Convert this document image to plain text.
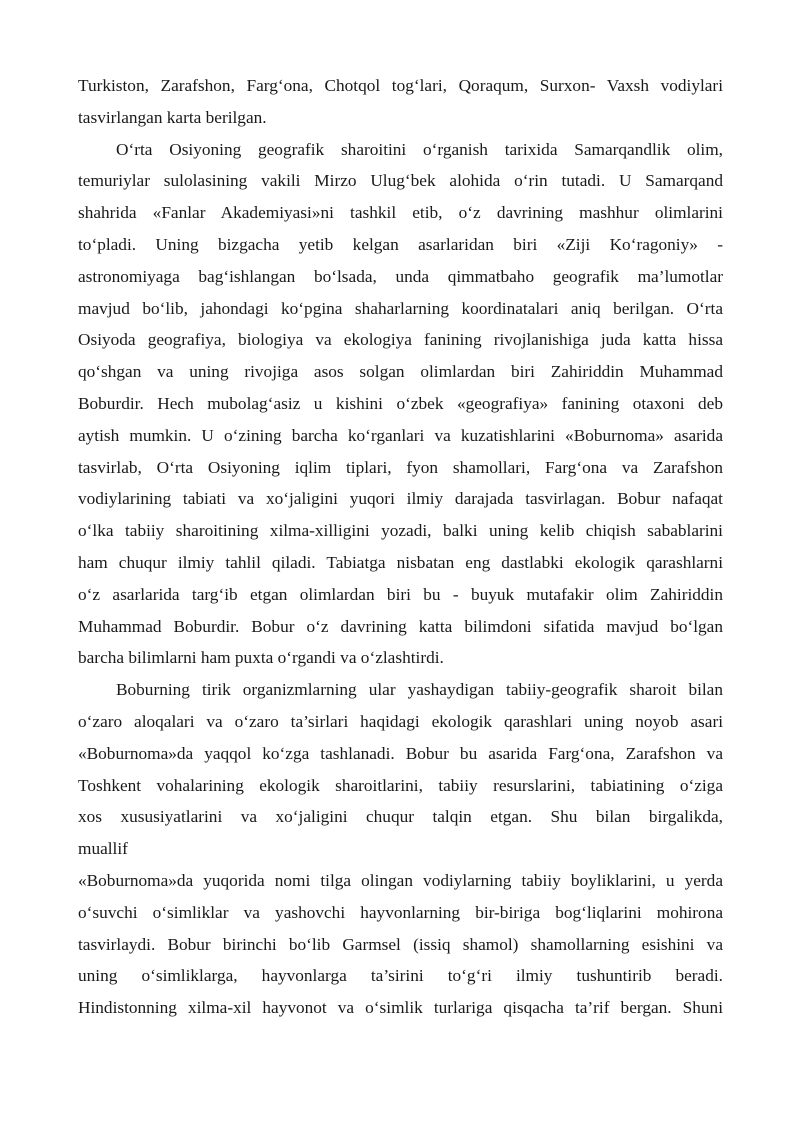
Turkiston, Zarafshon, Farg‘ona, Chotqol tog‘lari, Qoraqum, Surxon- Vaxsh vodiylari
tasvirlangan karta berilgan.
O‘rta Osiyoning geografik sharoitini o‘rganish tarixida Samarqandlik olim,
temuriylar sulolasining vakili Mirzo Ulug‘bek alohida o‘rin tutadi. U Samarqand
shahrida «Fanlar Akademiyasi»ni tashkil etib, o‘z davrining mashhur olimlarini
to‘pladi. Uning bizgacha yetib kelgan asarlaridan biri «Ziji Ko‘ragoniy» -
astronomiyaga bag‘ishlangan bo‘lsada, unda qimmatbaho geografik ma’lumotlar
mavjud bo‘lib, jahondagi ko‘pgina shaharlarning koordinatalari aniq berilgan. O‘rta
Osiyoda geografiya, biologiya va ekologiya fanining rivojlanishiga juda katta hissa
qo‘shgan va uning rivojiga asos solgan olimlardan biri Zahiriddin Muhammad
Boburdir. Hech mubolag‘asiz u kishini o‘zbek «geografiya» fanining otaxoni deb
aytish mumkin. U o‘zining barcha ko‘rganlari va kuzatishlarini «Boburnoma» asarida
tasvirlab, O‘rta Osiyoning iqlim tiplari, fyon shamollari, Farg‘ona va Zarafshon
vodiylarining tabiati va xo‘jaligini yuqori ilmiy darajada tasvirlagan. Bobur nafaqat
o‘lka tabiiy sharoitining xilma-xilligini yozadi, balki uning kelib chiqish sabablarini
ham chuqur ilmiy tahlil qiladi. Tabiatga nisbatan eng dastlabki ekologik qarashlarni
o‘z asarlarida targ‘ib etgan olimlardan biri bu - buyuk mutafakir olim Zahiriddin
Muhammad Boburdir. Bobur o‘z davrining katta bilimdoni sifatida mavjud bo‘lgan
barcha bilimlarni ham puxta o‘rgandi va o‘zlashtirdi.
Boburning tirik organizmlarning ular yashaydigan tabiiy-geografik sharoit bilan
o‘zaro aloqalari va o‘zaro ta’sirlari haqidagi ekologik qarashlari uning noyob asari
«Boburnoma»da yaqqol ko‘zga tashlanadi. Bobur bu asarida Farg‘ona, Zarafshon va
Toshkent vohalarining ekologik sharoitlarini, tabiiy resurslarini, tabiatining o‘ziga
xos xususiyatlarini va xo‘jaligini chuqur talqin etgan. Shu bilan birgalikda,
muallif
«Boburnoma»da yuqorida nomi tilga olingan vodiylarning tabiiy boyliklarini, u yerda
o‘suvchi o‘simliklar va yashovchi hayvonlarning bir-biriga bog‘liqlarini mohirona
tasvirlaydi. Bobur birinchi bo‘lib Garmsel (issiq shamol) shamollarning esishini va
uning o‘simliklarga, hayvonlarga ta’sirini to‘g‘ri ilmiy tushuntirib beradi.
Hindistonning xilma-xil hayvonot va o‘simlik turlariga qisqacha ta’rif bergan. Shuni
